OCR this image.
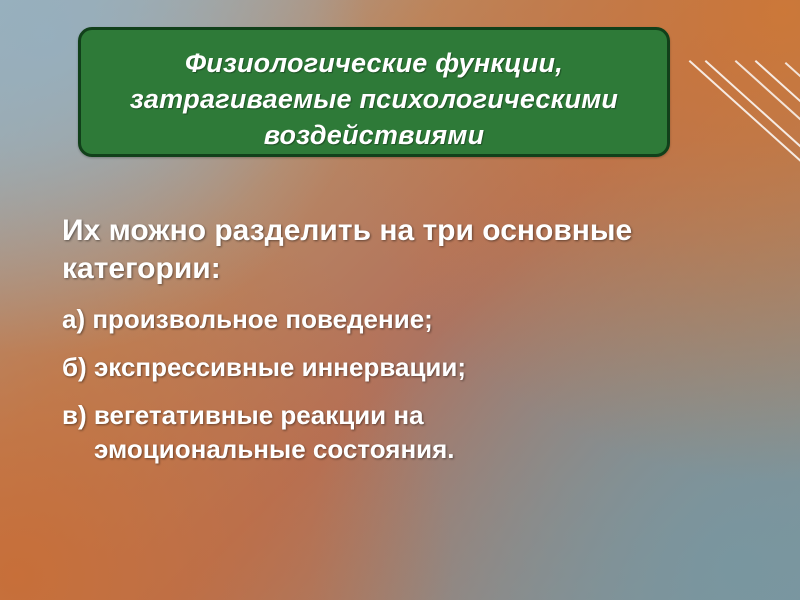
Физиологические функции, затрагиваемые психологическими воздействиями

Их можно разделить на три основные категории:

а) произвольное поведение;

б) экспрессивные иннервации;

в) вегетативные реакции на
эмоциональные состояния.
